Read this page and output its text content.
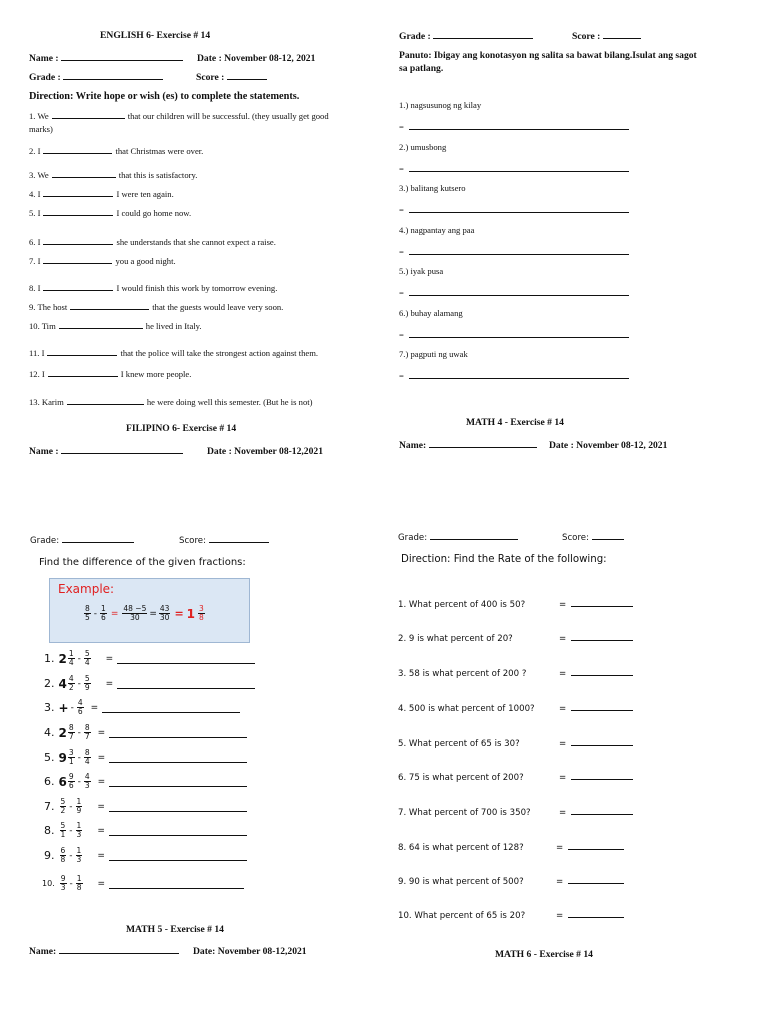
ENGLISH 6- Exercise # 14
Name :	Date : November 08-12, 2021
Grade :	Score :
Direction: Write hope or wish (es) to complete the statements.
1. We	that our children will be successful. (they usually get good
marks)
2. I	that Christmas were over.
3. We	that this is satisfactory.
4. I	I were ten again.
5. I	I could go home now.
6. I	she understands that she cannot expect a raise.
7. I	you a good night.
8. I	I would finish this work by tomorrow evening.
9. The host	that the guests would leave very soon.
10. Tim	he lived in Italy.
11. I	that the police will take the strongest action against them.
12. I	I knew more people.
13. Karim	he were doing well this semester. (But he is not)
FILIPINO 6- Exercise # 14
Name :	Date : November 08-12,2021
Grade :	Score :
Panuto: Ibigay ang konotasyon ng salita sa bawat bilang.Isulat ang sagot
sa patlang.
1.) nagsusunog ng kilay
=
2.) umusbong
=
3.) balitang kutsero
=
4.) nagpantay ang paa
=
5.) iyak pusa
=
6.) buhay alamang
=
7.) pagputi ng uwak
=
MATH 4 - Exercise # 14
Name:	Date : November 08-12, 2021
Grade:	Score:
Find the difference of the given fractions:
Example:
$\frac{8}{5} - \frac{1}{6} = \frac{48 -5}{30} = \frac{43}{30} = 1 \frac{3}{8}$
1. $2 \frac{1}{4} - \frac{5}{4}$ =
2. $4 \frac{4}{2} - \frac{5}{9}$ =
3. + - $\frac{4}{6}$ =
4. $2 \frac{8}{7} - \frac{8}{7}$ =
5. $9 \frac{3}{1} - \frac{8}{4}$ =
6. $6 \frac{9}{6} - \frac{4}{3}$ =
7. $\frac{5}{2} - \frac{1}{9}$ =
8. $\frac{5}{1} - \frac{1}{3}$ =
9. $\frac{6}{8} - \frac{1}{3}$ =
10. $\frac{9}{3} - \frac{1}{8}$ =
MATH 5 - Exercise # 14
Name:	Date: November 08-12,2021
Grade:	Score:
Direction: Find the Rate of the following:
1. What percent of 400 is 50?	=
2. 9 is what percent of 20?	=
3. 58 is what percent of 200 ?	=
4. 500 is what percent of 1000?	=
5. What percent of 65 is 30?	=
6. 75 is what percent of 200?	=
7. What percent of 700 is 350?	=
8. 64 is what percent of 128?	=
9. 90 is what percent of 500?	=
10. What percent of 65 is 20?	=
MATH 6 - Exercise # 14
